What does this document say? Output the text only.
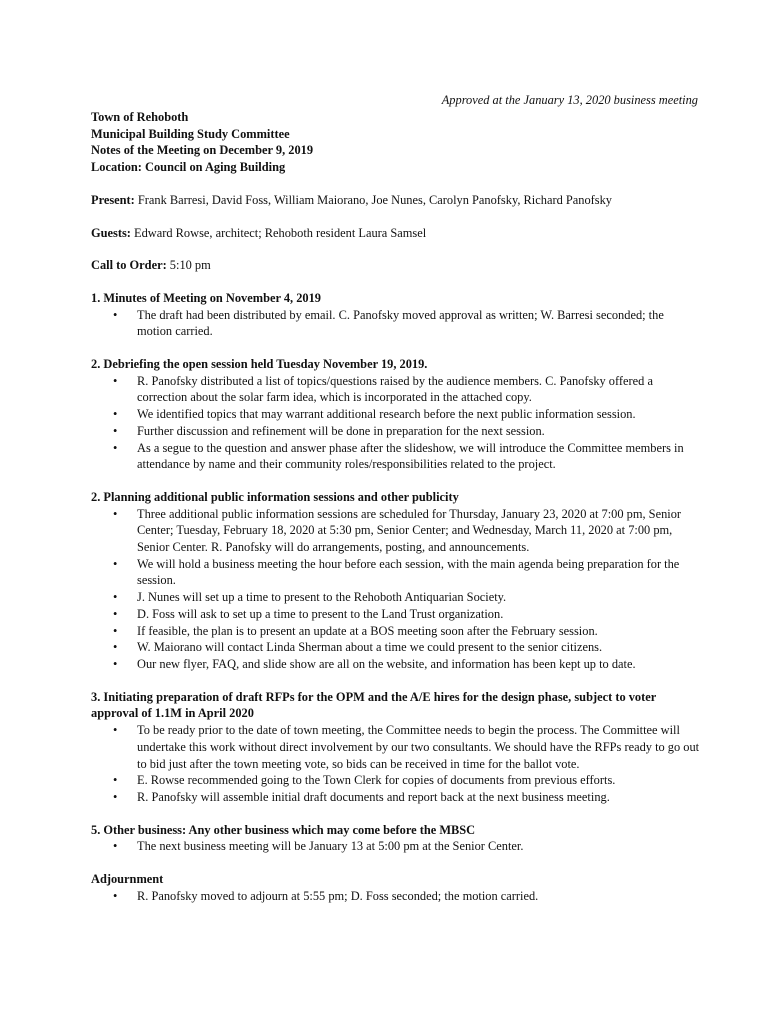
Approved at the January 13, 2020 business meeting
Town of Rehoboth
Municipal Building Study Committee
Notes of the Meeting on December 9, 2019
Location: Council on Aging Building
Present: Frank Barresi, David Foss, William Maiorano, Joe Nunes, Carolyn Panofsky, Richard Panofsky
Guests: Edward Rowse, architect; Rehoboth resident Laura Samsel
Call to Order: 5:10 pm
1. Minutes of Meeting on November 4, 2019
• The draft had been distributed by email. C. Panofsky moved approval as written; W. Barresi seconded; the motion carried.
2. Debriefing the open session held Tuesday November 19, 2019.
• R. Panofsky distributed a list of topics/questions raised by the audience members. C. Panofsky offered a correction about the solar farm idea, which is incorporated in the attached copy.
• We identified topics that may warrant additional research before the next public information session.
• Further discussion and refinement will be done in preparation for the next session.
• As a segue to the question and answer phase after the slideshow, we will introduce the Committee members in attendance by name and their community roles/responsibilities related to the project.
2. Planning additional public information sessions and other publicity
• Three additional public information sessions are scheduled for Thursday, January 23, 2020 at 7:00 pm, Senior Center; Tuesday, February 18, 2020 at 5:30 pm, Senior Center; and Wednesday, March 11, 2020 at 7:00 pm, Senior Center. R. Panofsky will do arrangements, posting, and announcements.
• We will hold a business meeting the hour before each session, with the main agenda being preparation for the session.
• J. Nunes will set up a time to present to the Rehoboth Antiquarian Society.
• D. Foss will ask to set up a time to present to the Land Trust organization.
• If feasible, the plan is to present an update at a BOS meeting soon after the February session.
• W. Maiorano will contact Linda Sherman about a time we could present to the senior citizens.
• Our new flyer, FAQ, and slide show are all on the website, and information has been kept up to date.
3. Initiating preparation of draft RFPs for the OPM and the A/E hires for the design phase, subject to voter approval of 1.1M in April 2020
• To be ready prior to the date of town meeting, the Committee needs to begin the process. The Committee will undertake this work without direct involvement by our two consultants. We should have the RFPs ready to go out to bid just after the town meeting vote, so bids can be received in time for the ballot vote.
• E. Rowse recommended going to the Town Clerk for copies of documents from previous efforts.
• R. Panofsky will assemble initial draft documents and report back at the next business meeting.
5. Other business: Any other business which may come before the MBSC
• The next business meeting will be January 13 at 5:00 pm at the Senior Center.
Adjournment
• R. Panofsky moved to adjourn at 5:55 pm; D. Foss seconded; the motion carried.
